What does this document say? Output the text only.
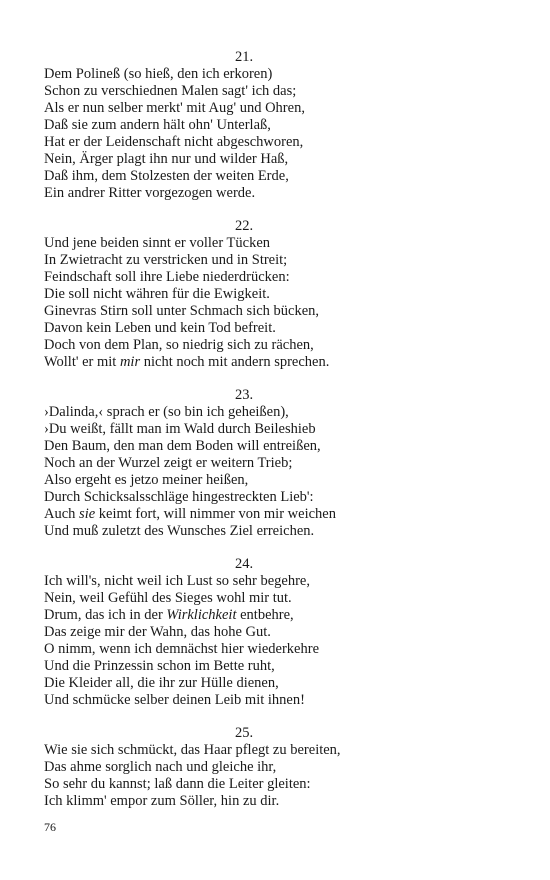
21.
Dem Polineß (so hieß, den ich erkoren)
Schon zu verschiednen Malen sagt' ich das;
Als er nun selber merkt' mit Aug' und Ohren,
Daß sie zum andern hält ohn' Unterlaß,
Hat er der Leidenschaft nicht abgeschworen,
Nein, Ärger plagt ihn nur und wilder Haß,
Daß ihm, dem Stolzesten der weiten Erde,
Ein andrer Ritter vorgezogen werde.
22.
Und jene beiden sinnt er voller Tücken
In Zwietracht zu verstricken und in Streit;
Feindschaft soll ihre Liebe niederdrücken:
Die soll nicht währen für die Ewigkeit.
Ginevras Stirn soll unter Schmach sich bücken,
Davon kein Leben und kein Tod befreit.
Doch von dem Plan, so niedrig sich zu rächen,
Wollt' er mit mir nicht noch mit andern sprechen.
23.
›Dalinda,‹ sprach er (so bin ich geheißen),
›Du weißt, fällt man im Wald durch Beileshieb
Den Baum, den man dem Boden will entreißen,
Noch an der Wurzel zeigt er weitern Trieb;
Also ergeht es jetzo meiner heißen,
Durch Schicksalsschläge hingestreckten Lieb':
Auch sie keimt fort, will nimmer von mir weichen
Und muß zuletzt des Wunsches Ziel erreichen.
24.
Ich will's, nicht weil ich Lust so sehr begehre,
Nein, weil Gefühl des Sieges wohl mir tut.
Drum, das ich in der Wirklichkeit entbehre,
Das zeige mir der Wahn, das hohe Gut.
O nimm, wenn ich demnächst hier wiederkehre
Und die Prinzessin schon im Bette ruht,
Die Kleider all, die ihr zur Hülle dienen,
Und schmücke selber deinen Leib mit ihnen!
25.
Wie sie sich schmückt, das Haar pflegt zu bereiten,
Das ahme sorglich nach und gleiche ihr,
So sehr du kannst; laß dann die Leiter gleiten:
Ich klimm' empor zum Söller, hin zu dir.
76
